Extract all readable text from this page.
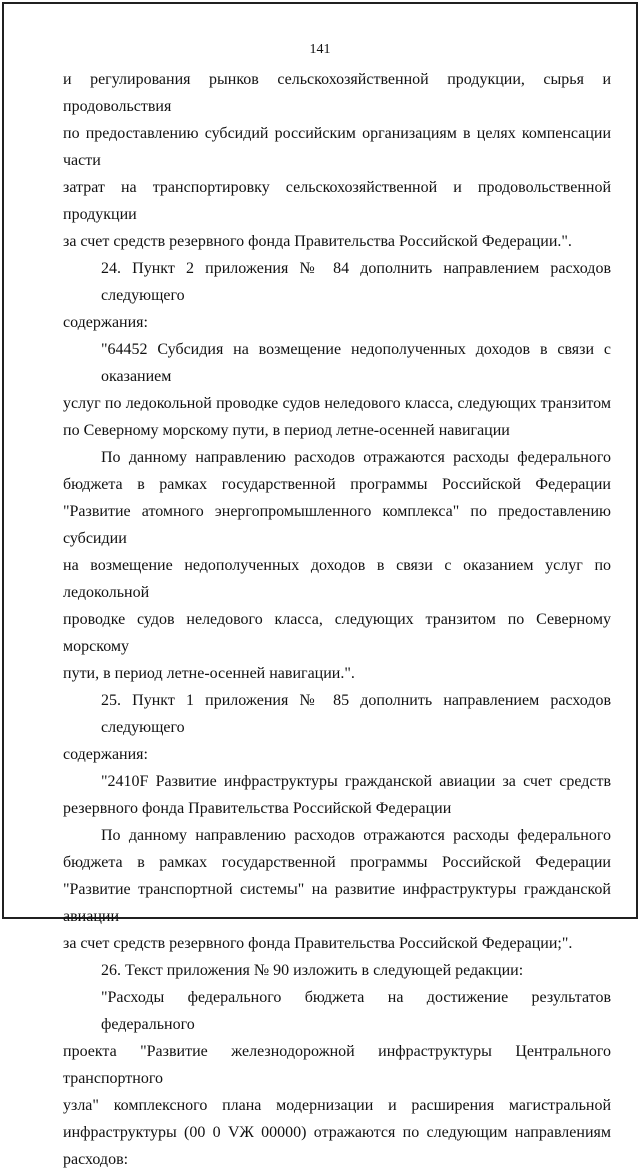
141
и регулирования рынков сельскохозяйственной продукции, сырья и продовольствия
по предоставлению субсидий российским организациям в целях компенсации части
затрат на транспортировку сельскохозяйственной и продовольственной продукции
за счет средств резервного фонда Правительства Российской Федерации.".
24. Пункт 2 приложения № 84 дополнить направлением расходов следующего
содержания:
"64452 Субсидия на возмещение недополученных доходов в связи с оказанием
услуг по ледокольной проводке судов неледового класса, следующих транзитом
по Северному морскому пути, в период летне-осенней навигации
По данному направлению расходов отражаются расходы федерального
бюджета в рамках государственной программы Российской Федерации
"Развитие атомного энергопромышленного комплекса" по предоставлению субсидии
на возмещение недополученных доходов в связи с оказанием услуг по ледокольной
проводке судов неледового класса, следующих транзитом по Северному морскому
пути, в период летне-осенней навигации.".
25. Пункт 1 приложения № 85 дополнить направлением расходов следующего
содержания:
"2410F Развитие инфраструктуры гражданской авиации за счет средств
резервного фонда Правительства Российской Федерации
По данному направлению расходов отражаются расходы федерального
бюджета в рамках государственной программы Российской Федерации
"Развитие транспортной системы" на развитие инфраструктуры гражданской авиации
за счет средств резервного фонда Правительства Российской Федерации;".
26. Текст приложения № 90 изложить в следующей редакции:
"Расходы федерального бюджета на достижение результатов федерального
проекта "Развитие железнодорожной инфраструктуры Центрального транспортного
узла" комплексного плана модернизации и расширения магистральной
инфраструктуры (00 0 VЖ 00000) отражаются по следующим направлениям
расходов:
